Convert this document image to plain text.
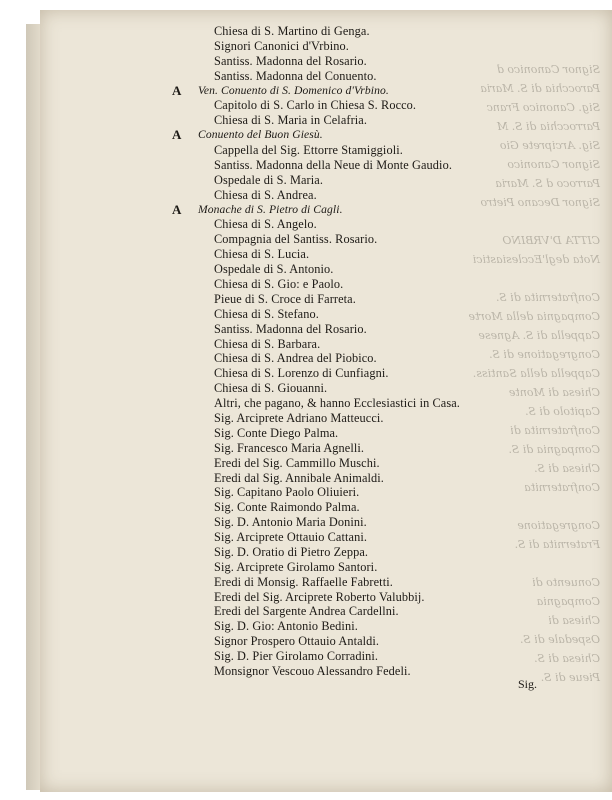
Signor Canonico d
Parocchia di S. Maria
Sig. Canonico Franc
Parrocchia di S. M
Sig. Arciprete Gio
Signor Canonico
Parroco d S. Maria
Signor Decano Pietro

CITTA D'VRBINO
Nota degl'Ecclesiastici

Confraternita di S.
Compagnia della Morte
Cappella di S. Agnese
Congregatione di S.
Cappella della Santiss.
Chiesa di Monte
Capitolo di S.
Confraternita di
Compagnia di S.
Chiesa di S.
Confraternita

Congregatione
Fraternita di S.

Conuento di
Compagnia
Chiesa di
Ospedale di S.
Chiesa di S.
Pieue di S.

Chiesa di S. Martino di Genga.

Signori Canonici d'Vrbino.

Santiss. Madonna del Rosario.

Santiss. Madonna del Conuento.

A Ven. Conuento di S. Domenico d'Vrbino.

Capitolo di S. Carlo in Chiesa S. Rocco.

Chiesa di S. Maria in Celafria.

A Conuento del Buon Giesù.

Cappella del Sig. Ettorre Stamiggioli.

Santiss. Madonna della Neue di Monte Gaudio.

Ospedale di S. Maria.

Chiesa di S. Andrea.

A Monache di S. Pietro di Cagli.

Chiesa di S. Angelo.

Compagnia del Santiss. Rosario.

Chiesa di S. Lucia.

Ospedale di S. Antonio.

Chiesa di S. Gio: e Paolo.

Pieue di S. Croce di Farreta.

Chiesa di S. Stefano.

Santiss. Madonna del Rosario.

Chiesa di S. Barbara.

Chiesa di S. Andrea del Piobico.

Chiesa di S. Lorenzo di Cunfiagni.

Chiesa di S. Giouanni.

Altri, che pagano, & hanno Ecclesiastici in Casa.

Sig. Arciprete Adriano Matteucci.

Sig. Conte Diego Palma.

Sig. Francesco Maria Agnelli.

Eredi del Sig. Cammillo Muschi.

Eredi dal Sig. Annibale Animaldi.

Sig. Capitano Paolo Oliuieri.

Sig. Conte Raimondo Palma.

Sig. D. Antonio Maria Donini.

Sig. Arciprete Ottauio Cattani.

Sig. D. Oratio di Pietro Zeppa.

Sig. Arciprete Girolamo Santori.

Eredi di Monsig. Raffaelle Fabretti.

Eredi del Sig. Arciprete Roberto Valubbij.

Eredi del Sargente Andrea Cardellni.

Sig. D. Gio: Antonio Bedini.

Signor Prospero Ottauio Antaldi.

Sig. D. Pier Girolamo Corradini.

Monsignor Vescouo Alessandro Fedeli.

Sig.
